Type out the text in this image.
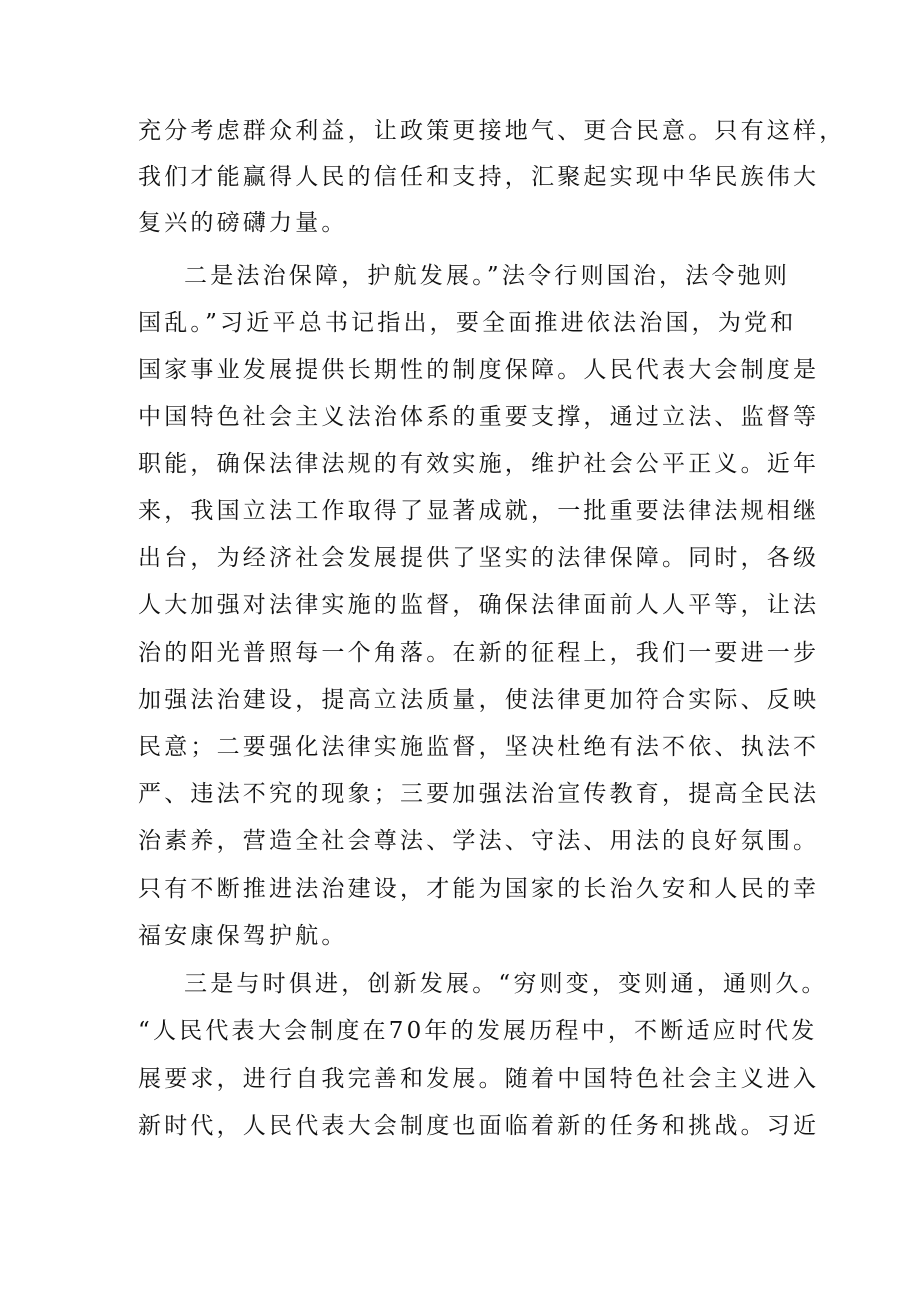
充分考虑群众利益，让政策更接地气、更合民意。只有这样，
我们才能赢得人民的信任和支持，汇聚起实现中华民族伟大
复兴的磅礴力量。
二是法治保障，护航发展。”法令行则国治，法令弛则
国乱。”习近平总书记指出，要全面推进依法治国，为党和
国家事业发展提供长期性的制度保障。人民代表大会制度是
中国特色社会主义法治体系的重要支撑，通过立法、监督等
职能，确保法律法规的有效实施，维护社会公平正义。近年
来，我国立法工作取得了显著成就，一批重要法律法规相继
出台，为经济社会发展提供了坚实的法律保障。同时，各级
人大加强对法律实施的监督，确保法律面前人人平等，让法
治的阳光普照每一个角落。在新的征程上，我们一要进一步
加强法治建设，提高立法质量，使法律更加符合实际、反映
民意；二要强化法律实施监督，坚决杜绝有法不依、执法不
严、违法不究的现象；三要加强法治宣传教育，提高全民法
治素养，营造全社会尊法、学法、守法、用法的良好氛围。
只有不断推进法治建设，才能为国家的长治久安和人民的幸
福安康保驾护航。
三是与时俱进，创新发展。“穷则变，变则通，通则久。
“人民代表大会制度在70年的发展历程中，不断适应时代发
展要求，进行自我完善和发展。随着中国特色社会主义进入
新时代，人民代表大会制度也面临着新的任务和挑战。习近
